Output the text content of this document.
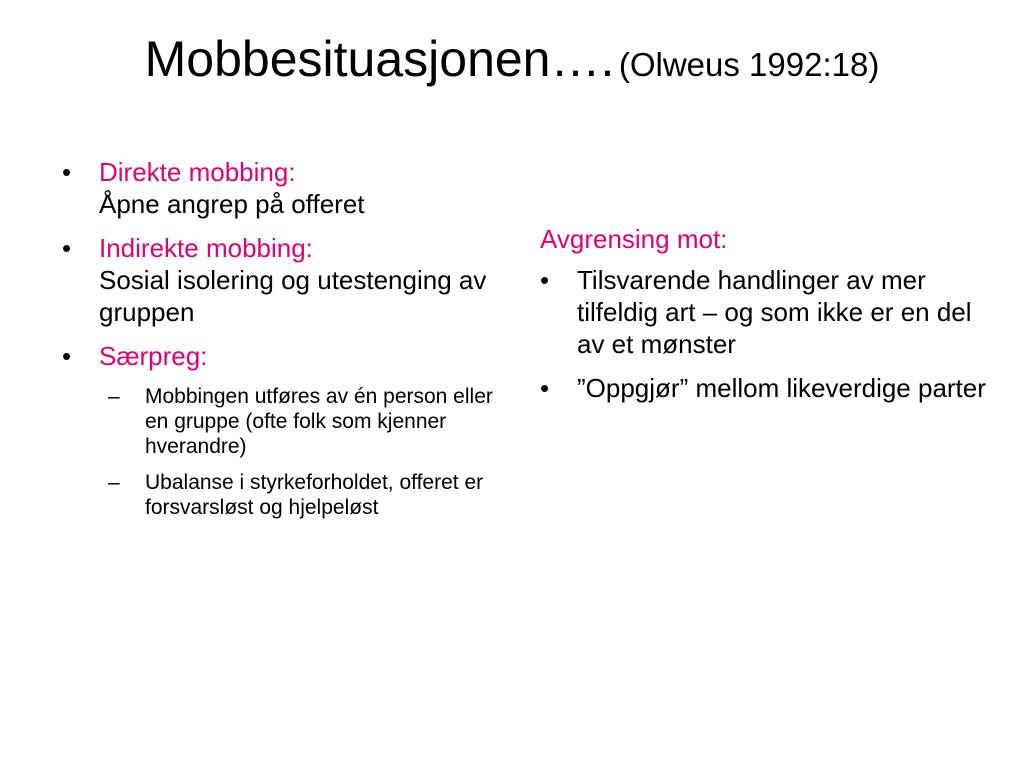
Mobbesituasjonen…. (Olweus 1992:18)
•	Direkte mobbing:
Åpne angrep på offeret
•	Indirekte mobbing:
Sosial isolering og utestenging av gruppen
•	Særpreg:
– Mobbingen utføres av én person eller en gruppe (ofte folk som kjenner hverandre)
– Ubalanse i styrkeforholdet, offeret er forsvarsløst og hjelpeløst
Avgrensing mot:
•	Tilsvarende handlinger av mer tilfeldig art – og som ikke er en del av et mønster
•	”Oppgjør” mellom likeverdige parter
